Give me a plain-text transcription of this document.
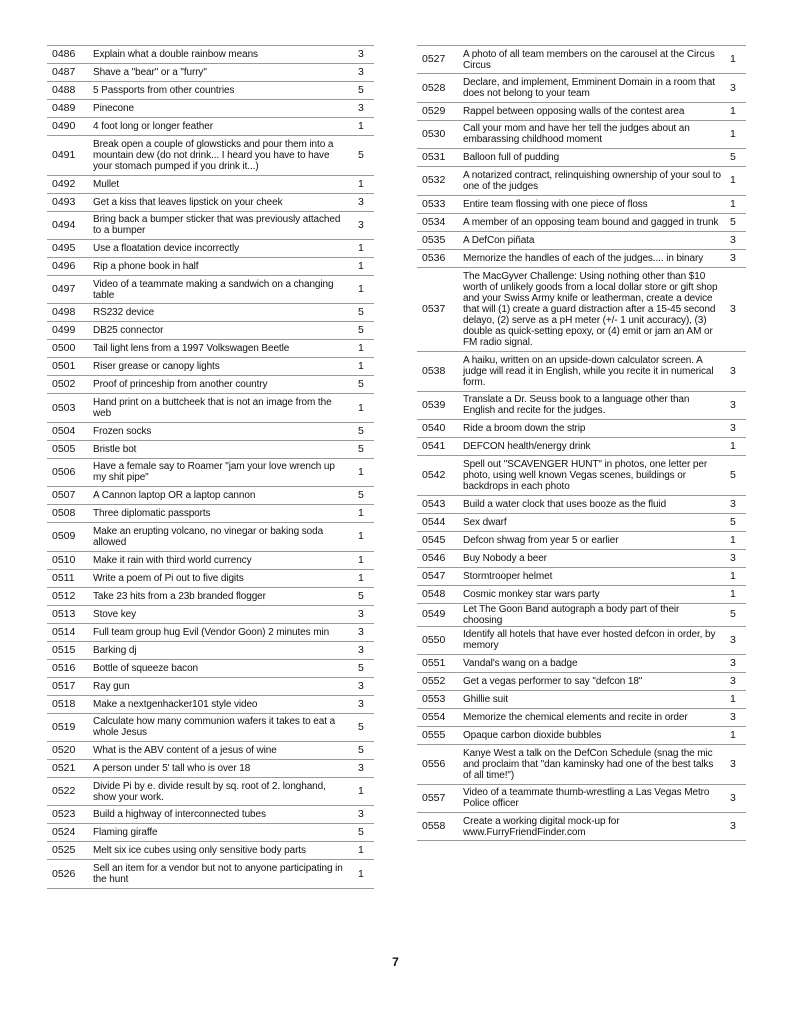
0486	Explain what a double rainbow means	3
0487	Shave a "bear" or a "furry"	3
0488	5 Passports from other countries	5
0489	Pinecone	3
0490	4 foot long or longer feather	1
0491	Break open a couple of glowsticks and pour them into a mountain dew (do not drink... I heard you have to have your stomach pumped if you drink it...)	5
0492	Mullet	1
0493	Get a kiss that leaves lipstick on your cheek	3
0494	Bring back a bumper sticker that was previously attached to a bumper	3
0495	Use a floatation device incorrectly	1
0496	Rip a phone book in half	1
0497	Video of a teammate making a sandwich on a changing table	1
0498	RS232 device	5
0499	DB25 connector	5
0500	Tail light lens from a 1997 Volkswagen Beetle	1
0501	Riser grease or canopy lights	1
0502	Proof of princeship from another country	5
0503	Hand print on a buttcheek that is not an image from the web	1
0504	Frozen socks	5
0505	Bristle bot	5
0506	Have a female say to Roamer "jam your love wrench up my shit pipe"	1
0507	A Cannon laptop OR a laptop cannon	5
0508	Three diplomatic passports	1
0509	Make an erupting volcano, no vinegar or baking soda allowed	1
0510	Make it rain with third world currency	1
0511	Write a poem of Pi out to five digits	1
0512	Take 23 hits from a 23b branded flogger	5
0513	Stove key	3
0514	Full team group hug Evil (Vendor Goon) 2 minutes min	3
0515	Barking dj	3
0516	Bottle of squeeze bacon	5
0517	Ray gun	3
0518	Make a nextgenhacker101 style video	3
0519	Calculate how many communion wafers it takes to eat a whole Jesus	5
0520	What is the ABV content of a jesus of wine	5
0521	A person under 5' tall who is over 18	3
0522	Divide Pi by e. divide result by sq. root of 2. longhand, show your work.	1
0523	Build a highway of interconnected tubes	3
0524	Flaming giraffe	5
0525	Melt six ice cubes using only sensitive body parts	1
0526	Sell an item for a vendor but not to anyone participating in the hunt	1
0527	A photo of all team members on the carousel at the Circus Circus	1
0528	Declare, and implement, Emminent Domain in a room that does not belong to your team	3
0529	Rappel between opposing walls of the contest area	1
0530	Call your mom and have her tell the judges about an embarassing childhood moment	1
0531	Balloon full of pudding	5
0532	A notarized contract, relinquishing ownership of your soul to one of the judges	1
0533	Entire team flossing with one piece of floss	1
0534	A member of an opposing team bound and gagged in trunk	5
0535	A DefCon piñata	3
0536	Memorize the handles of each of the judges.... in binary	3
0537	The MacGyver Challenge: Using nothing other than $10 worth of unlikely goods from a local dollar store or gift shop and your Swiss Army knife or leatherman, create a device that will (1) create a guard distraction after a 15-45 second delayo, (2) serve as a pH meter (+/- 1 unit accuracy), (3) double as quick-setting epoxy, or (4) emit or jam an AM or FM radio signal.	3
0538	A haiku, written on an upside-down calculator screen. A judge will read it in English, while you recite it in numerical form.	3
0539	Translate a Dr. Seuss book to a language other than English and recite for the judges.	3
0540	Ride a broom down the strip	3
0541	DEFCON health/energy drink	1
0542	Spell out "SCAVENGER HUNT" in photos, one letter per photo, using well known Vegas scenes, buildings or backdrops in each photo	5
0543	Build a water clock that uses booze as the fluid	3
0544	Sex dwarf	5
0545	Defcon shwag from year 5 or earlier	1
0546	Buy Nobody a beer	3
0547	Stormtrooper helmet	1
0548	Cosmic monkey star wars party	1
0549	Let The Goon Band autograph a body part of their choosing	5
0550	Identify all hotels that have ever hosted defcon in order, by memory	3
0551	Vandal's wang on a badge	3
0552	Get a vegas performer to say "defcon 18"	3
0553	Ghillie suit	1
0554	Memorize the chemical elements and recite in order	3
0555	Opaque carbon dioxide bubbles	1
0556	Kanye West a talk on the DefCon Schedule (snag the mic and proclaim that "dan kaminsky had one of the best talks of all time!")	3
0557	Video of a teammate thumb-wrestling a Las Vegas Metro Police officer	3
0558	Create a working digital mock-up for www.FurryFriendFinder.com	3
7
